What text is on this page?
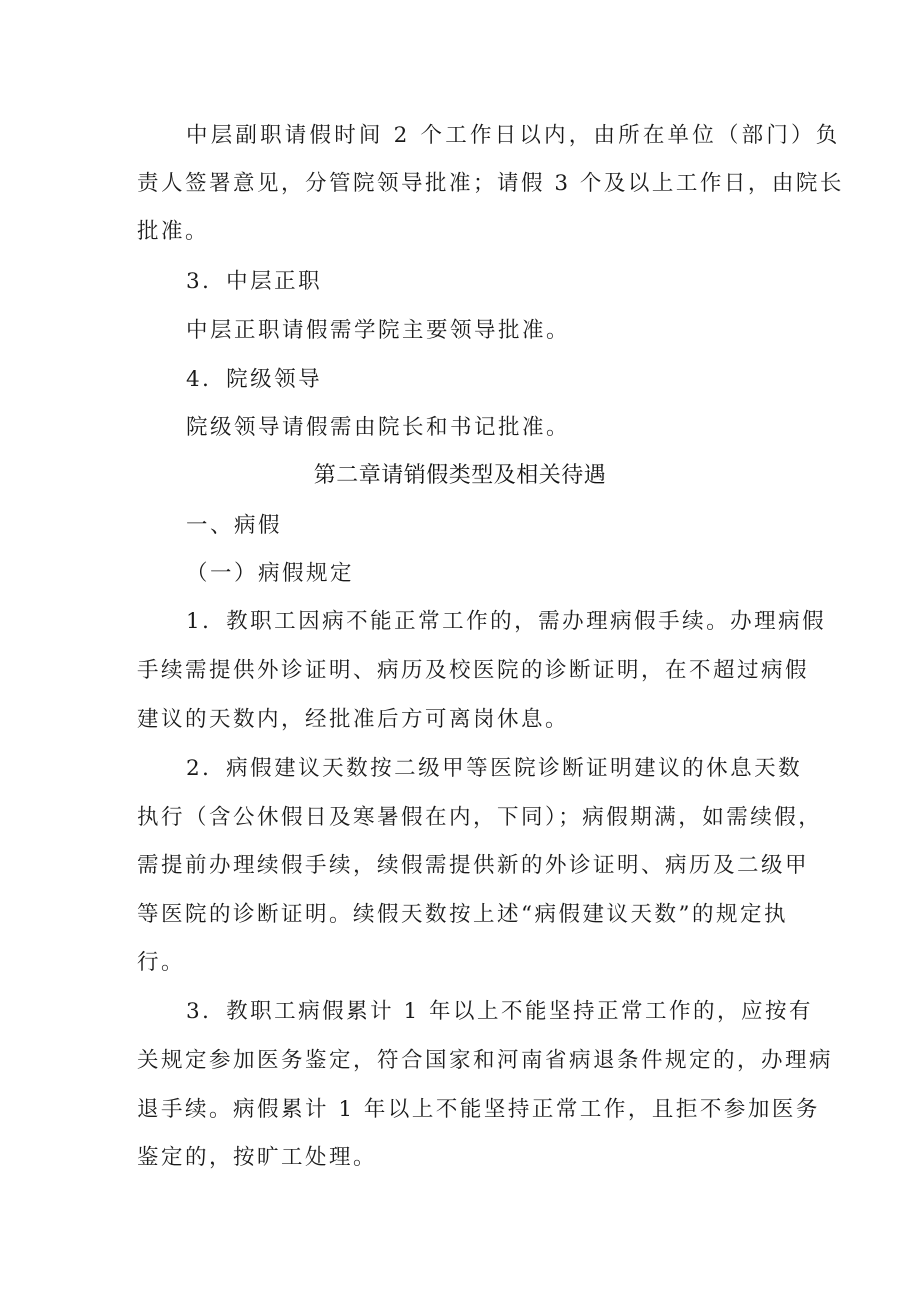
中层副职请假时间 2 个工作日以内，由所在单位（部门）负
责人签署意见，分管院领导批准；请假 3 个及以上工作日，由院长
批准。
3．中层正职
中层正职请假需学院主要领导批准。
4．院级领导
院级领导请假需由院长和书记批准。
第二章请销假类型及相关待遇
一、病假
（一）病假规定
1．教职工因病不能正常工作的，需办理病假手续。办理病假
手续需提供外诊证明、病历及校医院的诊断证明，在不超过病假
建议的天数内，经批准后方可离岗休息。
2．病假建议天数按二级甲等医院诊断证明建议的休息天数
执行（含公休假日及寒暑假在内，下同）；病假期满，如需续假，
需提前办理续假手续，续假需提供新的外诊证明、病历及二级甲
等医院的诊断证明。续假天数按上述“病假建议天数”的规定执
行。
3．教职工病假累计 1 年以上不能坚持正常工作的，应按有
关规定参加医务鉴定，符合国家和河南省病退条件规定的，办理病
退手续。病假累计 1 年以上不能坚持正常工作，且拒不参加医务
鉴定的，按旷工处理。
